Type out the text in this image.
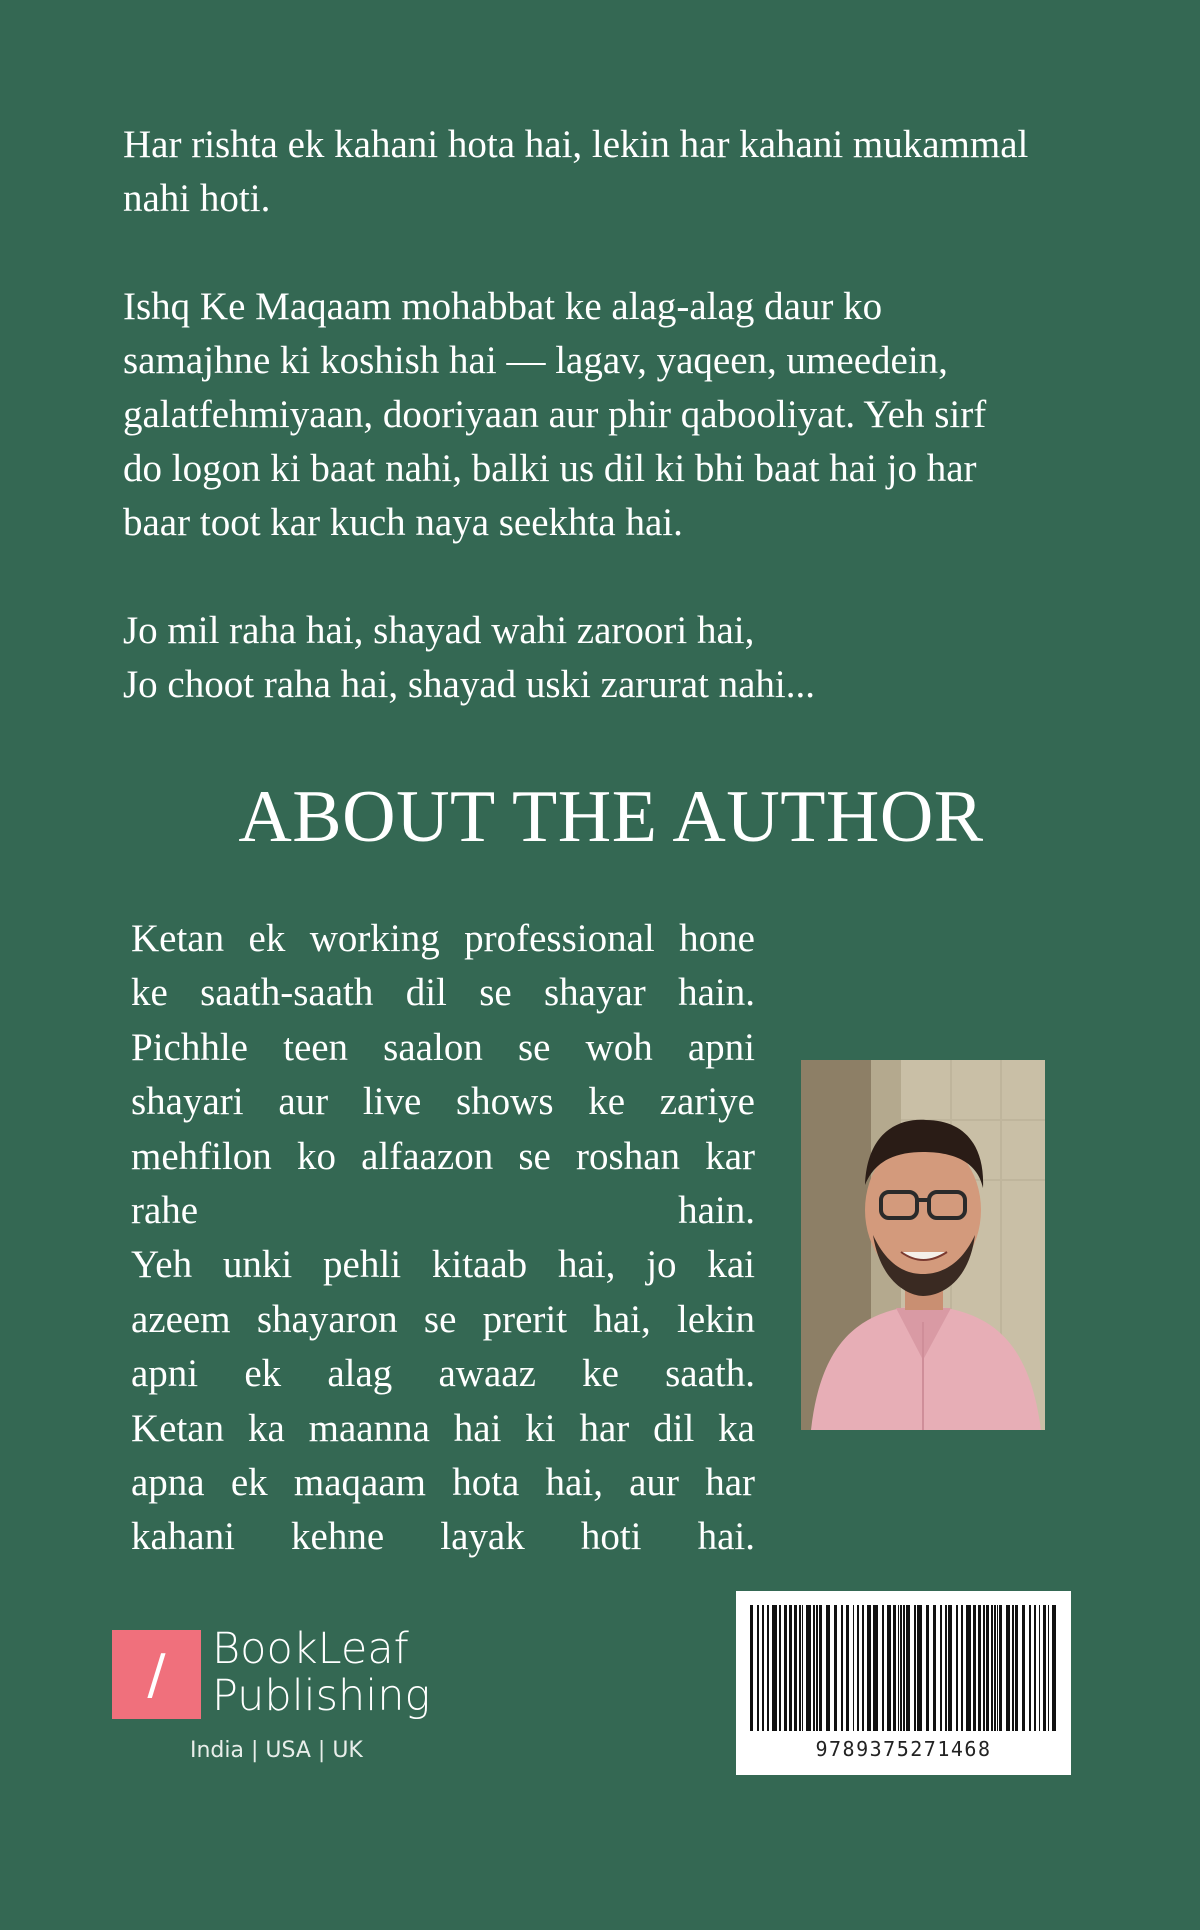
Har rishta ek kahani hota hai, lekin har kahani mukammal
nahi hoti.

Ishq Ke Maqaam mohabbat ke alag-alag daur ko
samajhne ki koshish hai — lagav, yaqeen, umeedein,
galatfehmiyaan, dooriyaan aur phir qabooliyat. Yeh sirf
do logon ki baat nahi, balki us dil ki bhi baat hai jo har
baar toot kar kuch naya seekhta hai.

Jo mil raha hai, shayad wahi zaroori hai,
Jo choot raha hai, shayad uski zarurat nahi...

ABOUT THE AUTHOR
Ketan ek working professional hone
ke saath-saath dil se shayar hain.
Pichhle teen saalon se woh apni
shayari aur live shows ke zariye
mehfilon ko alfaazon se roshan kar
rahe hain.
Yeh unki pehli kitaab hai, jo kai
azeem shayaron se prerit hai, lekin
apni ek alag awaaz ke saath.
Ketan ka maanna hai ki har dil ka
apna ek maqaam hota hai, aur har
kahani kehne layak hoti hai.
/	BookLeaf
Publishing
India | USA | UK	9789375271468
